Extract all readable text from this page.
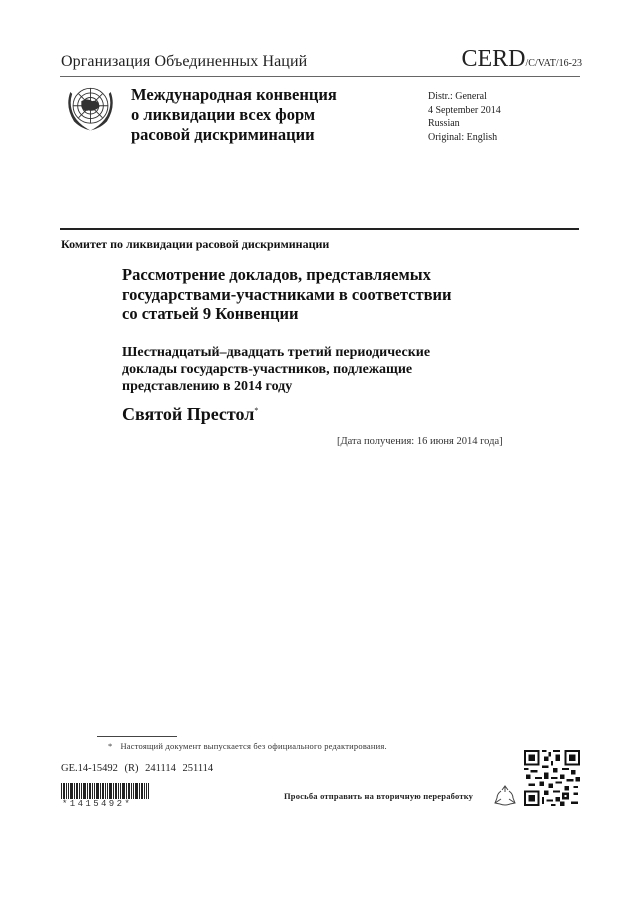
Организация Объединенных Наций	CERD/C/VAT/16-23
Международная конвенция
о ликвидации всех форм
расовой дискриминации
Distr.: General
4 September 2014
Russian
Original: English
Комитет по ликвидации расовой дискриминации
Рассмотрение докладов, представляемых
государствами-участниками в соответствии
со статьей 9 Конвенции
Шестнадцатый–двадцать третий периодические
доклады государств-участников, подлежащие
представлению в 2014 году
Святой Престол*
[Дата получения: 16 июня 2014 года]
* Настоящий документ выпускается без официального редактирования.
GE.14-15492 (R) 241114 251114
*1415492*
Просьба отправить на вторичную переработку
